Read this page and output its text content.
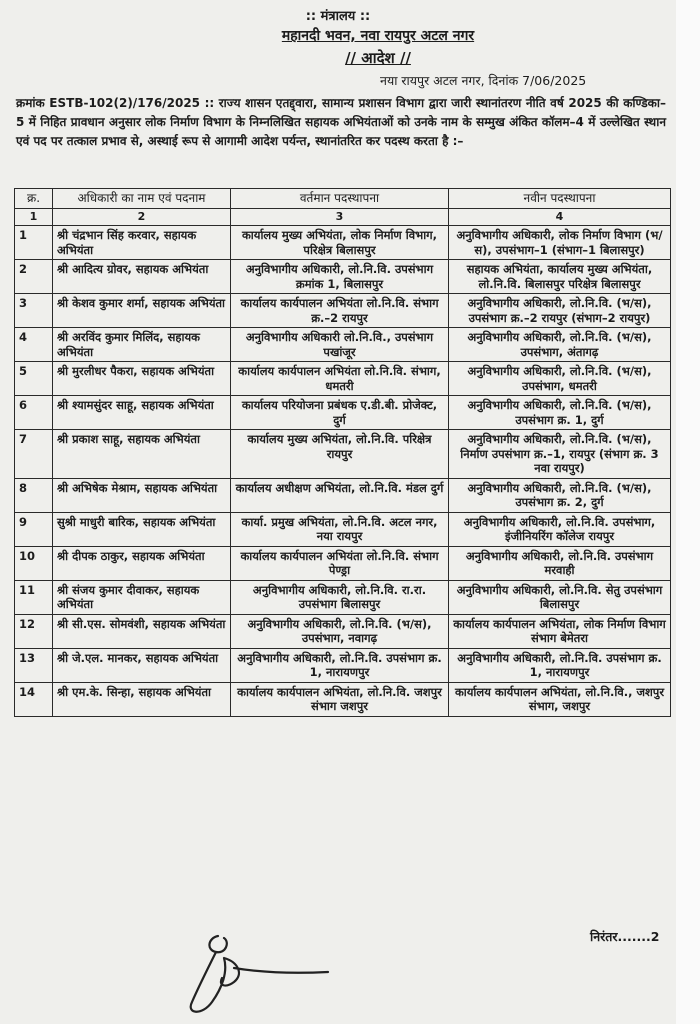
:: मंत्रालय ::
महानदी भवन, नवा रायपुर अटल नगर
// आदेश //
नया रायपुर अटल नगर, दिनांक 7/06/2025
क्रमांक ESTB-102(2)/176/2025 :: राज्य शासन एतद्द्वारा, सामान्य प्रशासन विभाग द्वारा जारी स्थानांतरण नीति वर्ष 2025 की कण्डिका–5 में निहित प्रावधान अनुसार लोक निर्माण विभाग के निम्नलिखित सहायक अभियंताओं को उनके नाम के सम्मुख अंकित कॉलम–4 में उल्लेखित स्थान एवं पद पर तत्काल प्रभाव से, अस्थाई रूप से आगामी आदेश पर्यन्त, स्थानांतरित कर पदस्थ करता है :–
क्र.	अधिकारी का नाम एवं पदनाम	वर्तमान पदस्थापना	नवीन पदस्थापना
1	2	3	4
1	श्री चंद्रभान सिंह करवार, सहायक अभियंता	कार्यालय मुख्य अभियंता, लोक निर्माण विभाग, परिक्षेत्र बिलासपुर	अनुविभागीय अधिकारी, लोक निर्माण विभाग (भ/स), उपसंभाग–1 (संभाग–1 बिलासपुर)
2	श्री आदित्य ग्रोवर, सहायक अभियंता	अनुविभागीय अधिकारी, लो.नि.वि. उपसंभाग क्रमांक 1, बिलासपुर	सहायक अभियंता, कार्यालय मुख्य अभियंता, लो.नि.वि. बिलासपुर परिक्षेत्र बिलासपुर
3	श्री केशव कुमार शर्मा, सहायक अभियंता	कार्यालय कार्यपालन अभियंता लो.नि.वि. संभाग क्र.–2 रायपुर	अनुविभागीय अधिकारी, लो.नि.वि. (भ/स), उपसंभाग क्र.–2 रायपुर (संभाग–2 रायपुर)
4	श्री अरविंद कुमार मिलिंद, सहायक अभियंता	अनुविभागीय अधिकारी लो.नि.वि., उपसंभाग पखांजूर	अनुविभागीय अधिकारी, लो.नि.वि. (भ/स), उपसंभाग, अंतागढ़
5	श्री मुरलीधर पैकरा, सहायक अभियंता	कार्यालय कार्यपालन अभियंता लो.नि.वि. संभाग, धमतरी	अनुविभागीय अधिकारी, लो.नि.वि. (भ/स), उपसंभाग, धमतरी
6	श्री श्यामसुंदर साहू, सहायक अभियंता	कार्यालय परियोजना प्रबंधक ए.डी.बी. प्रोजेक्ट, दुर्ग	अनुविभागीय अधिकारी, लो.नि.वि. (भ/स), उपसंभाग क्र. 1, दुर्ग
7	श्री प्रकाश साहू, सहायक अभियंता	कार्यालय मुख्य अभियंता, लो.नि.वि. परिक्षेत्र रायपुर	अनुविभागीय अधिकारी, लो.नि.वि. (भ/स), निर्माण उपसंभाग क्र.–1, रायपुर (संभाग क्र. 3 नवा रायपुर)
8	श्री अभिषेक मेश्राम, सहायक अभियंता	कार्यालय अधीक्षण अभियंता, लो.नि.वि. मंडल दुर्ग	अनुविभागीय अधिकारी, लो.नि.वि. (भ/स), उपसंभाग क्र. 2, दुर्ग
9	सुश्री माधुरी बारिक, सहायक अभियंता	कार्या. प्रमुख अभियंता, लो.नि.वि. अटल नगर, नया रायपुर	अनुविभागीय अधिकारी, लो.नि.वि. उपसंभाग, इंजीनियरिंग कॉलेज रायपुर
10	श्री दीपक ठाकुर, सहायक अभियंता	कार्यालय कार्यपालन अभियंता लो.नि.वि. संभाग पेण्ड्रा	अनुविभागीय अधिकारी, लो.नि.वि. उपसंभाग मरवाही
11	श्री संजय कुमार दीवाकर, सहायक अभियंता	अनुविभागीय अधिकारी, लो.नि.वि. रा.रा. उपसंभाग बिलासपुर	अनुविभागीय अधिकारी, लो.नि.वि. सेतु उपसंभाग बिलासपुर
12	श्री सी.एस. सोमवंशी, सहायक अभियंता	अनुविभागीय अधिकारी, लो.नि.वि. (भ/स), उपसंभाग, नवागढ़	कार्यालय कार्यपालन अभियंता, लोक निर्माण विभाग संभाग बेमेतरा
13	श्री जे.एल. मानकर, सहायक अभियंता	अनुविभागीय अधिकारी, लो.नि.वि. उपसंभाग क्र. 1, नारायणपुर	अनुविभागीय अधिकारी, लो.नि.वि. उपसंभाग क्र. 1, नारायणपुर
14	श्री एम.के. सिन्हा, सहायक अभियंता	कार्यालय कार्यपालन अभियंता, लो.नि.वि. जशपुर संभाग जशपुर	कार्यालय कार्यपालन अभियंता, लो.नि.वि., जशपुर संभाग, जशपुर
निरंतर.......2
